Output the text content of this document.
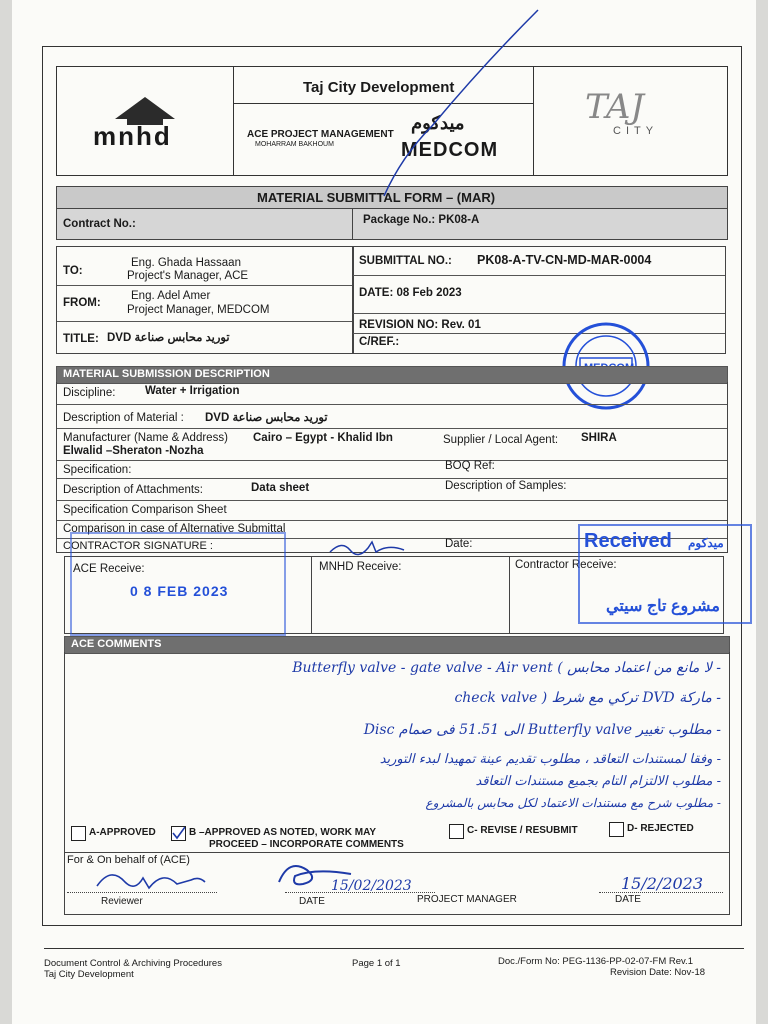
mnhd
Taj City Development
ACE PROJECT MANAGEMENT
MOHARRAM BAKHOUM
ميدكوم
MEDCOM
TAJ
CITY
MATERIAL SUBMITTAL FORM – (MAR)
Contract No.:	Package No.: PK08-A
TO:
Eng. Ghada Hassaan
Project's Manager, ACE
FROM:
Eng. Adel Amer
Project Manager, MEDCOM
TITLE: DVD توريد محابس صناعة
SUBMITTAL NO.: PK08-A-TV-CN-MD-MAR-0004
DATE: 08 Feb 2023
REVISION NO: Rev. 01
C/REF.:
MATERIAL SUBMISSION DESCRIPTION
Discipline:	Water + Irrigation
Description of Material : DVD توريد محابس صناعة
Manufacturer (Name & Address) Cairo – Egypt - Khalid Ibn
Elwalid –Sheraton -Nozha
Supplier / Local Agent: SHIRA
Specification:	BOQ Ref:
Description of Attachments:	Data sheet	Description of Samples:
Specification Comparison Sheet
Comparison in case of Alternative Submittal
CONTRACTOR SIGNATURE :	Date:
ACE Receive:	MNHD Receive:	Contractor Receive:
0 8 FEB 2023
Received ميدكوم
مشروع تاج سيتي
ACE COMMENTS
- لا مانع من اعتماد محابس ) Butterfly valve - gate valve - Air vent
- ماركة DVD تركي مع شرط ( check valve
- مطلوب تغيير Butterfly valve الى 51.51 فى صمام Disc
- وفقا لمستندات التعاقد ، مطلوب تقديم عينة تمهيدا لبدء التوريد
- مطلوب الالتزام التام بجميع مستندات التعاقد
- مطلوب شرح مع مستندات الاعتماد لكل محابس بالمشروع
A-APPROVED	B –APPROVED AS NOTED, WORK MAY
PROCEED – INCORPORATE COMMENTS
C- REVISE / RESUBMIT	D- REJECTED
For & On behalf of (ACE)
Reviewer	DATE	PROJECT MANAGER	DATE
15/02/2023	15/2/2023
Document Control & Archiving Procedures
Taj City Development
Page 1 of 1	Doc./Form No: PEG-1136-PP-02-07-FM Rev.1
Revision Date: Nov-18
